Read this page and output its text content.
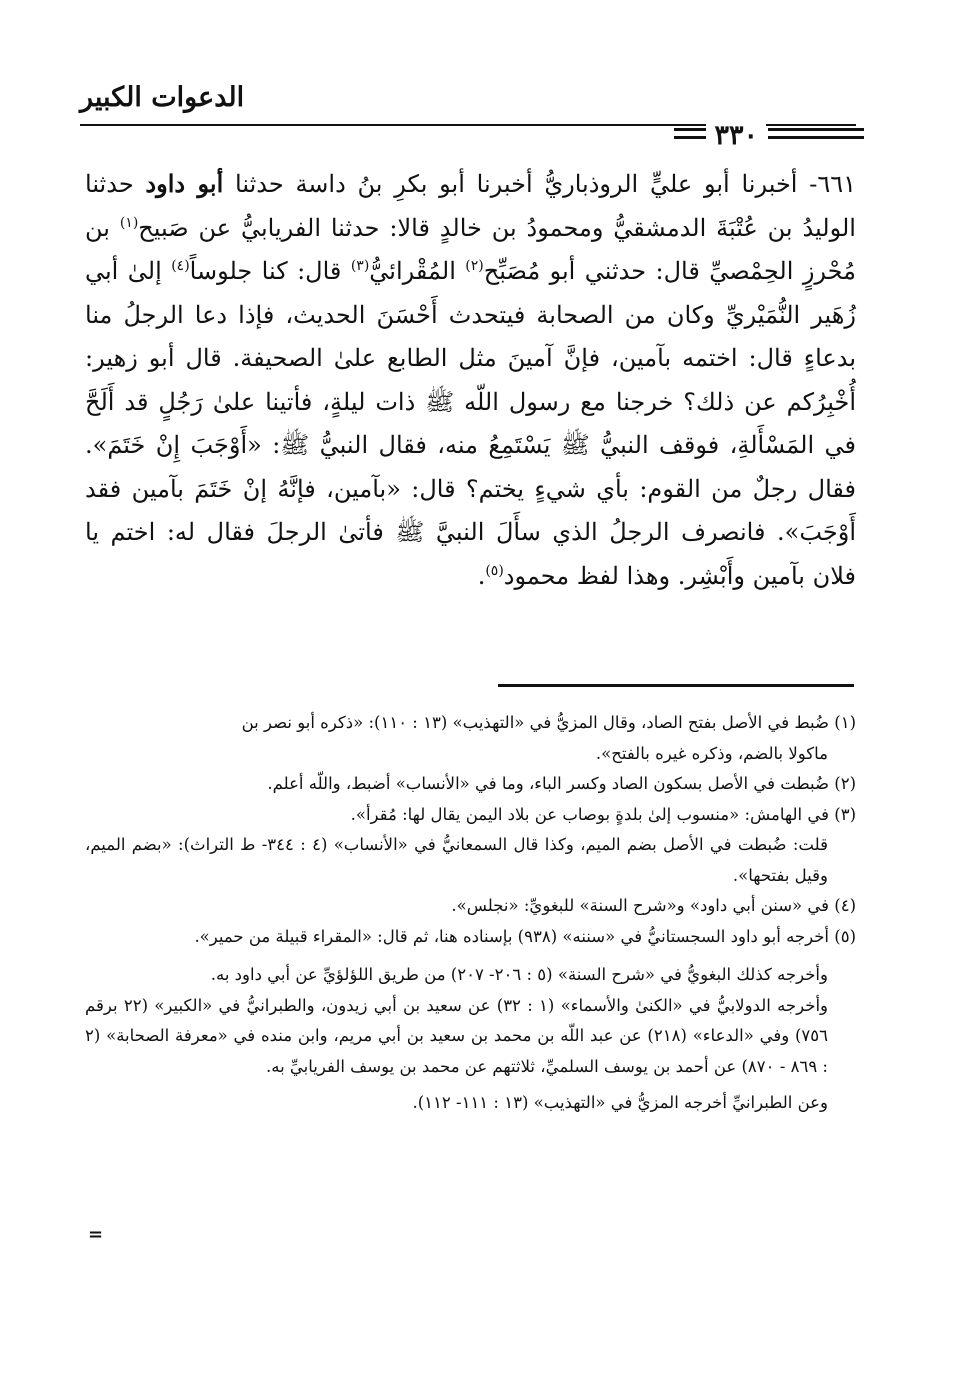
الدعوات الكبير
٣٣٠

٦٦١- أخبرنا أبو عليٍّ الروذباريُّ أخبرنا أبو بكرِ بنُ داسة حدثنا أبو داود حدثنا الوليدُ بن عُتْبَةَ الدمشقيُّ ومحمودُ بن خالدٍ قالا: حدثنا الفريابيُّ عن صَبيح$^{(١)}$ بن مُحْرزٍ الحِمْصيِّ قال: حدثني أبو مُصَبِّح$^{(٢)}$ المُقْرائيُّ$^{(٣)}$ قال: كنا جلوساً$^{(٤)}$ إلىٰ أبي زُهَير النُّمَيْريِّ وكان من الصحابة فيتحدث أَحْسَنَ الحديث، فإذا دعا الرجلُ منا بدعاءٍ قال: اختمه بآمين، فإنَّ آمينَ مثل الطابع علىٰ الصحيفة. قال أبو زهير: أُخْبِرُكم عن ذلك؟ خرجنا مع رسول اللّه ﷺ ذات ليلةٍ، فأتينا علىٰ رَجُلٍ قد أَلَحَّ في المَسْأَلةِ، فوقف النبيُّ ﷺ يَسْتَمِعُ منه، فقال النبيُّ ﷺ: «أَوْجَبَ إِنْ خَتَمَ». فقال رجلٌ من القوم: بأي شيءٍ يختم؟ قال: «بآمين، فإنَّهُ إنْ خَتَمَ بآمين فقد أَوْجَبَ». فانصرف الرجلُ الذي سأَلَ النبيَّ ﷺ فأتىٰ الرجلَ فقال له: اختم يا فلان بآمين وأَبْشِر. وهذا لفظ محمود$^{(٥)}$.

(١) ضُبط في الأصل بفتح الصاد، وقال المزيُّ في «التهذيب» (١٣ : ١١٠): «ذكره أبو نصر بن

ماكولا بالضم، وذكره غيره بالفتح».

(٢) ضُبطت في الأصل بسكون الصاد وكسر الباء، وما في «الأنساب» أضبط، واللّه أعلم.

(٣) في الهامش: «منسوب إلىٰ بلدةٍ بوصاب عن بلاد اليمن يقال لها: مُقرأ».

قلت: ضُبطت في الأصل بضم الميم، وكذا قال السمعانيُّ في «الأنساب» (٤ : ٣٤٤- ط التراث): «بضم الميم، وقيل بفتحها».

(٤) في «سنن أبي داود» و«شرح السنة» للبغويِّ: «نجلس».

(٥) أخرجه أبو داود السجستانيُّ في «سننه» (٩٣٨) بإسناده هنا، ثم قال: «المقراء قبيلة من حمير».

وأخرجه كذلك البغويُّ في «شرح السنة» (٥ : ٢٠٦- ٢٠٧) من طريق اللؤلؤيِّ عن أبي داود به.

وأخرجه الدولابيُّ في «الكنىٰ والأسماء» (١ : ٣٢) عن سعيد بن أبي زيدون، والطبرانيُّ في «الكبير» (٢٢ برقم ٧٥٦) وفي «الدعاء» (٢١٨) عن عبد اللّه بن محمد بن سعيد بن أبي مريم، وابن منده في «معرفة الصحابة» (٢ : ٨٦٩ - ٨٧٠) عن أحمد بن يوسف السلميِّ، ثلاثتهم عن محمد بن يوسف الفريابيِّ به.

وعن الطبرانيِّ أخرجه المزيُّ في «التهذيب» (١٣ : ١١١- ١١٢).

=
